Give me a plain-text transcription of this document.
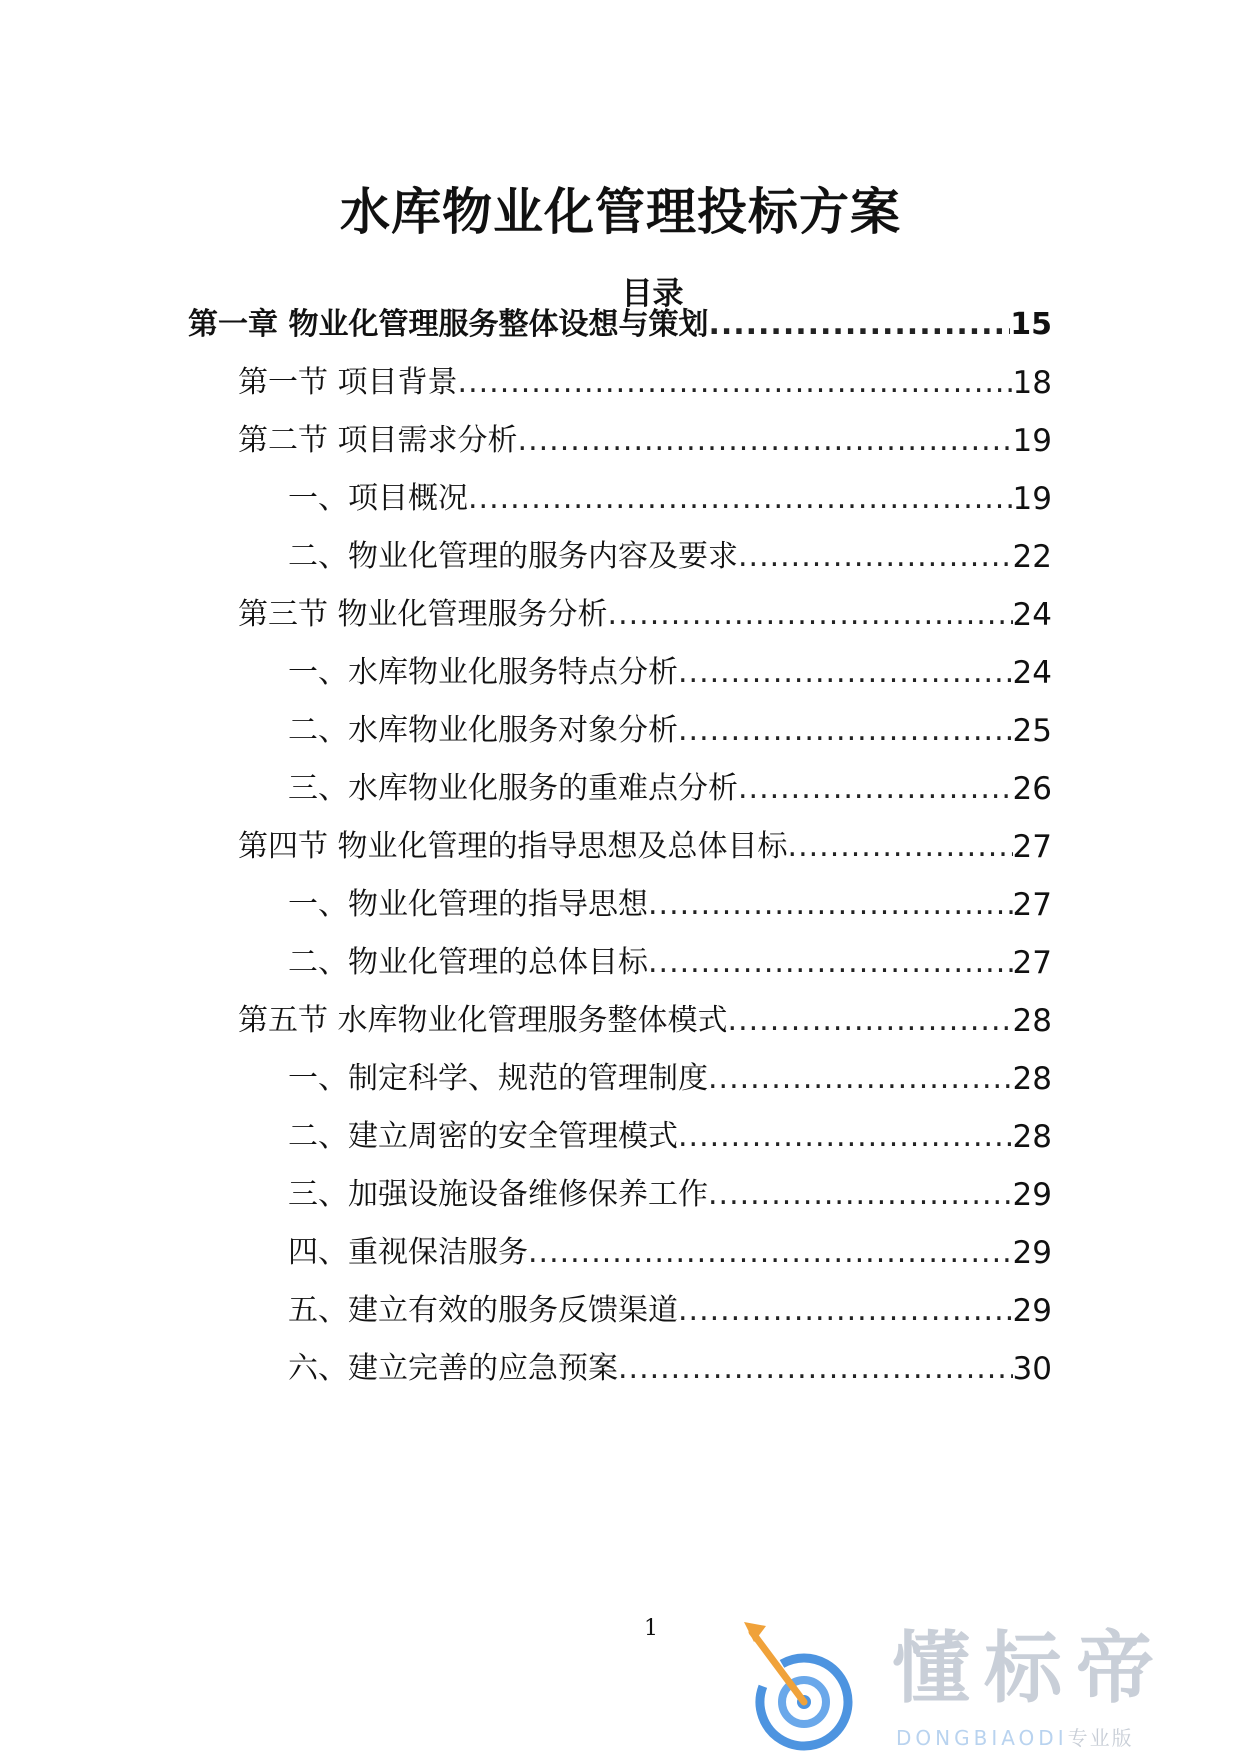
水库物业化管理投标方案
目录
第一章 物业化管理服务整体设想与策划 .....	15
第一节 项目背景 .....	18
第二节 项目需求分析 .....	19
一、项目概况 .....	19
二、物业化管理的服务内容及要求 .....	22
第三节 物业化管理服务分析 .....	24
一、水库物业化服务特点分析 .....	24
二、水库物业化服务对象分析 .....	25
三、水库物业化服务的重难点分析 .....	26
第四节 物业化管理的指导思想及总体目标 .....	27
一、物业化管理的指导思想 .....	27
二、物业化管理的总体目标 .....	27
第五节 水库物业化管理服务整体模式 .....	28
一、制定科学、规范的管理制度 .....	28
二、建立周密的安全管理模式 .....	28
三、加强设施设备维修保养工作 .....	29
四、重视保洁服务 .....	29
五、建立有效的服务反馈渠道 .....	29
六、建立完善的应急预案 .....	30
1	懂标帝
DONGBIAODI专业版
